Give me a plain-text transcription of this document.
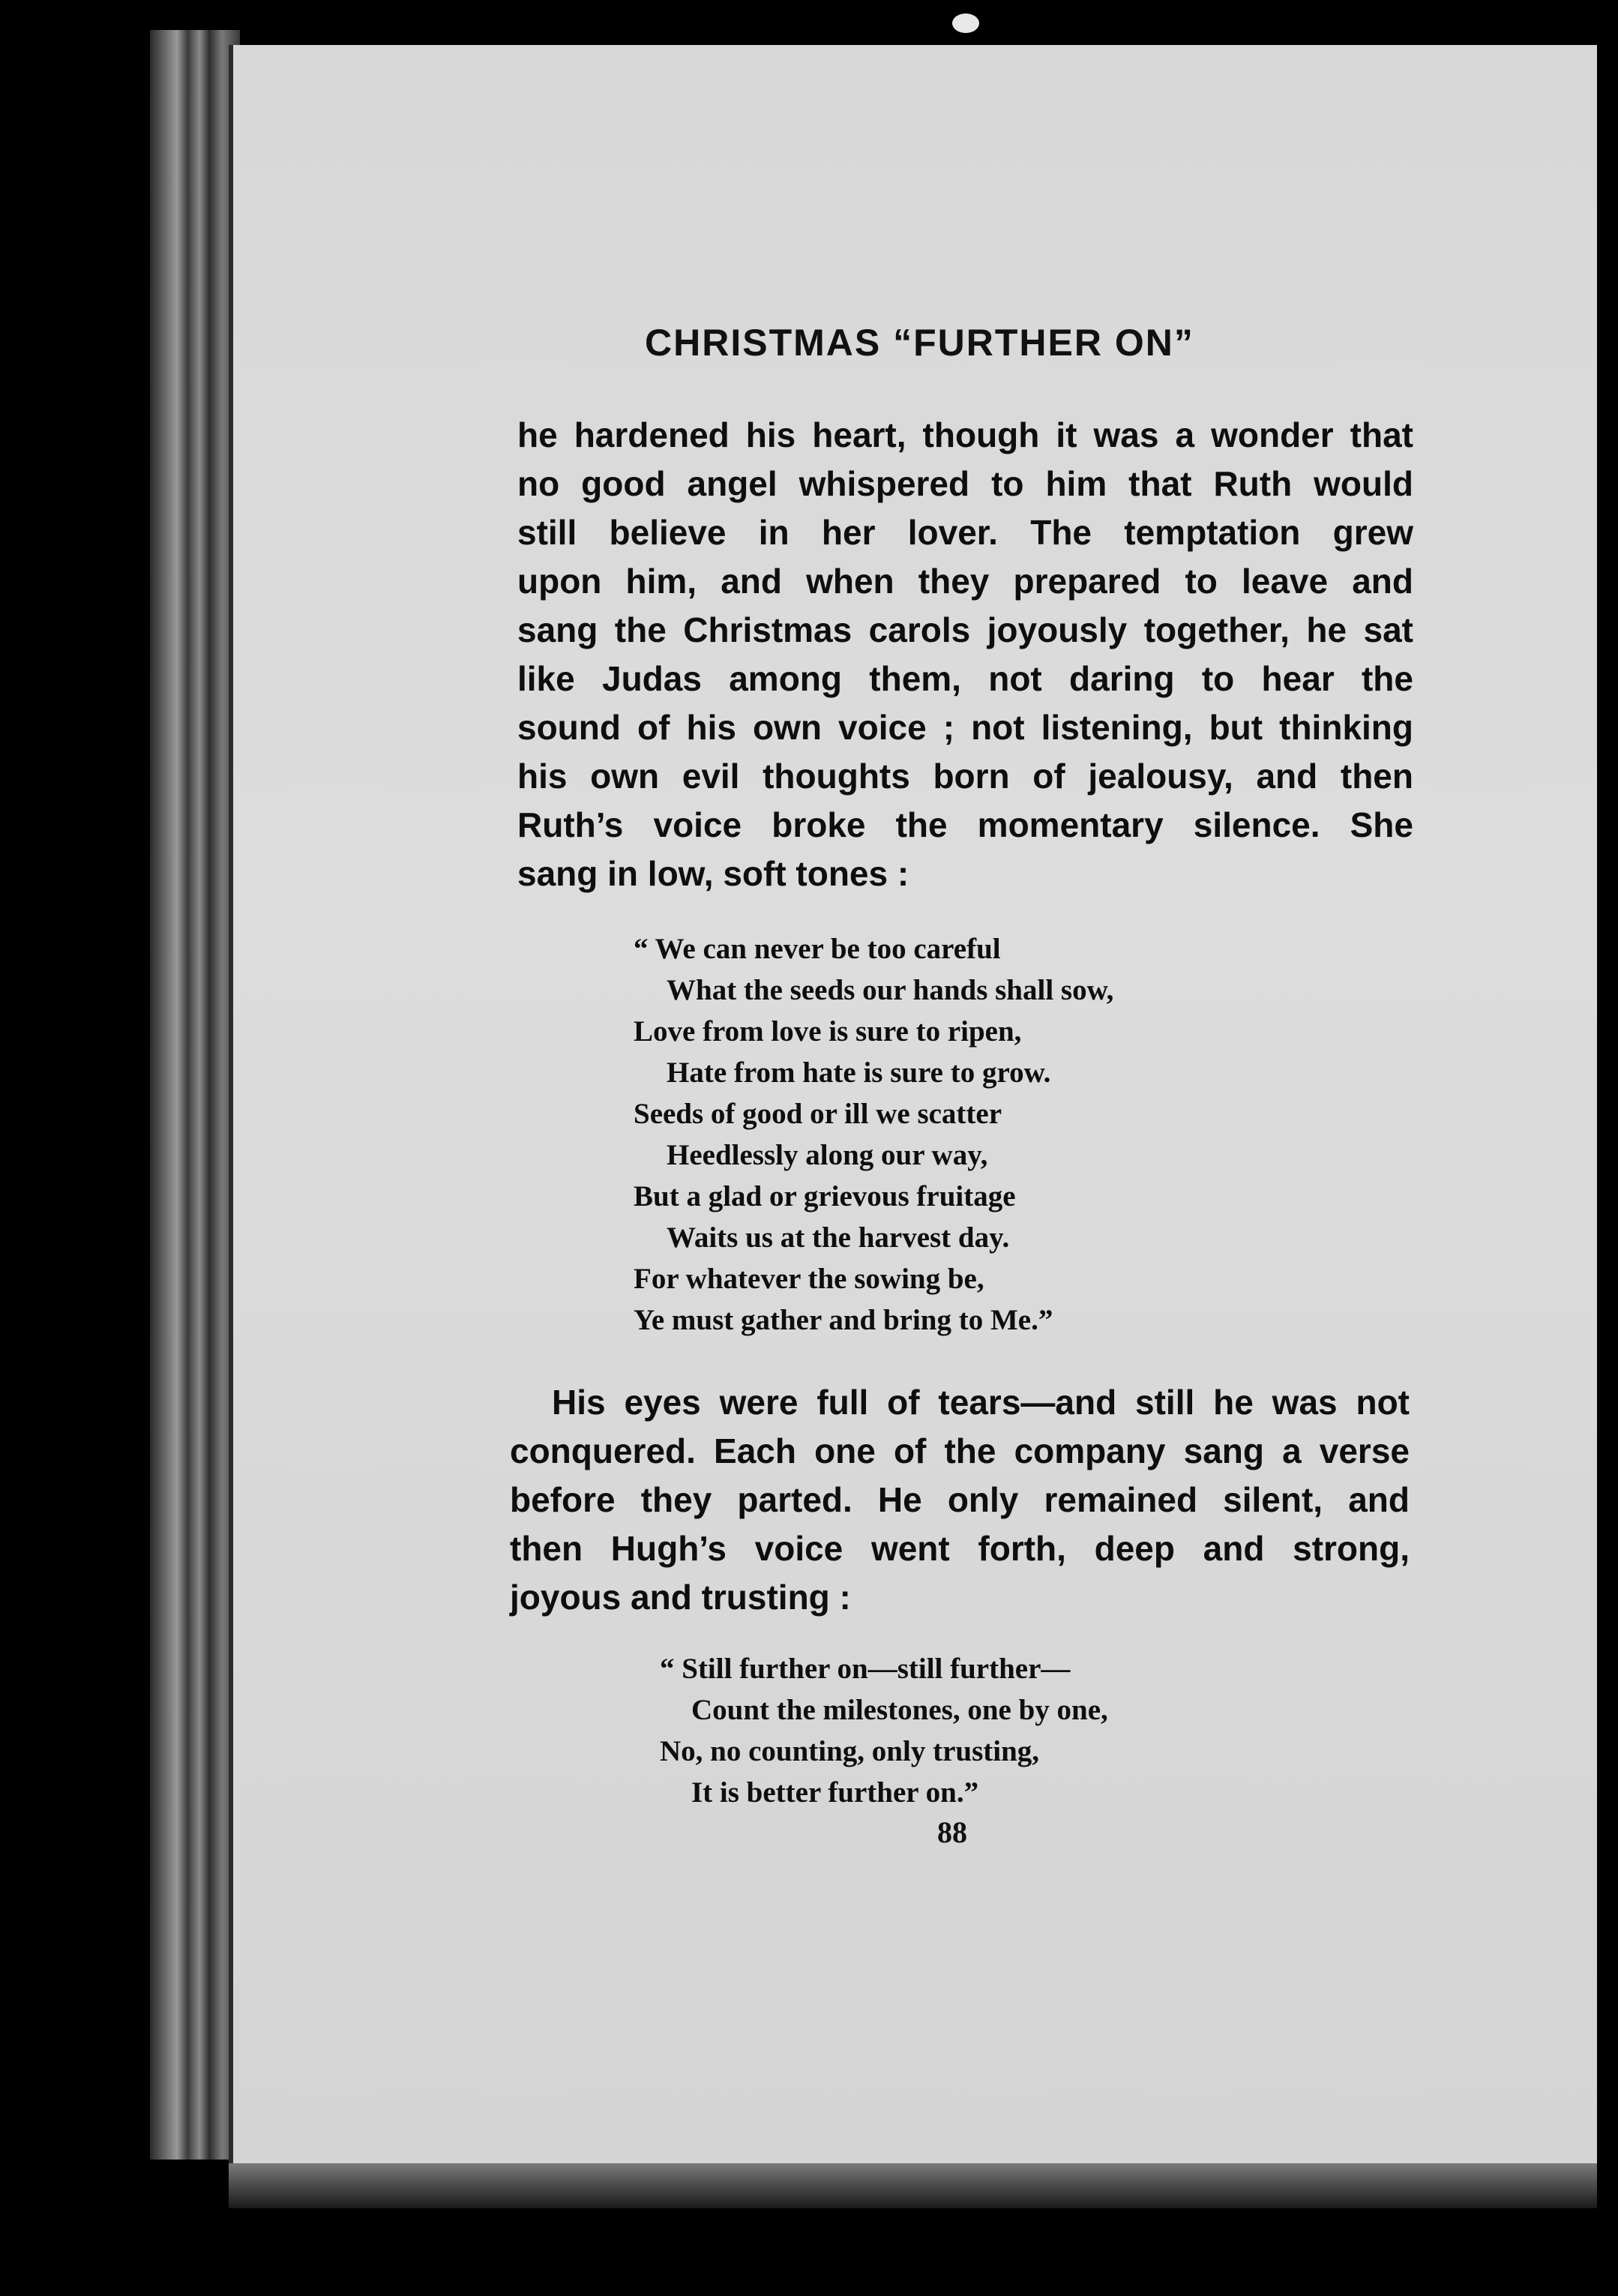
CHRISTMAS “FURTHER ON”
he hardened his heart, though it was a wonder that
no good angel whispered to him that Ruth would
still believe in her lover. The temptation grew
upon him, and when they prepared to leave and
sang the Christmas carols joyously together, he sat
like Judas among them, not daring to hear the
sound of his own voice ; not listening, but thinking
his own evil thoughts born of jealousy, and then
Ruth’s voice broke the momentary silence. She
sang in low, soft tones :
“ We can never be too careful
What the seeds our hands shall sow,
Love from love is sure to ripen,
Hate from hate is sure to grow.
Seeds of good or ill we scatter
Heedlessly along our way,
But a glad or grievous fruitage
Waits us at the harvest day.
For whatever the sowing be,
Ye must gather and bring to Me.”
His eyes were full of tears—and still he was not
conquered. Each one of the company sang a verse
before they parted. He only remained silent, and
then Hugh’s voice went forth, deep and strong,
joyous and trusting :
“ Still further on—still further—
Count the milestones, one by one,
No, no counting, only trusting,
It is better further on.”
88
